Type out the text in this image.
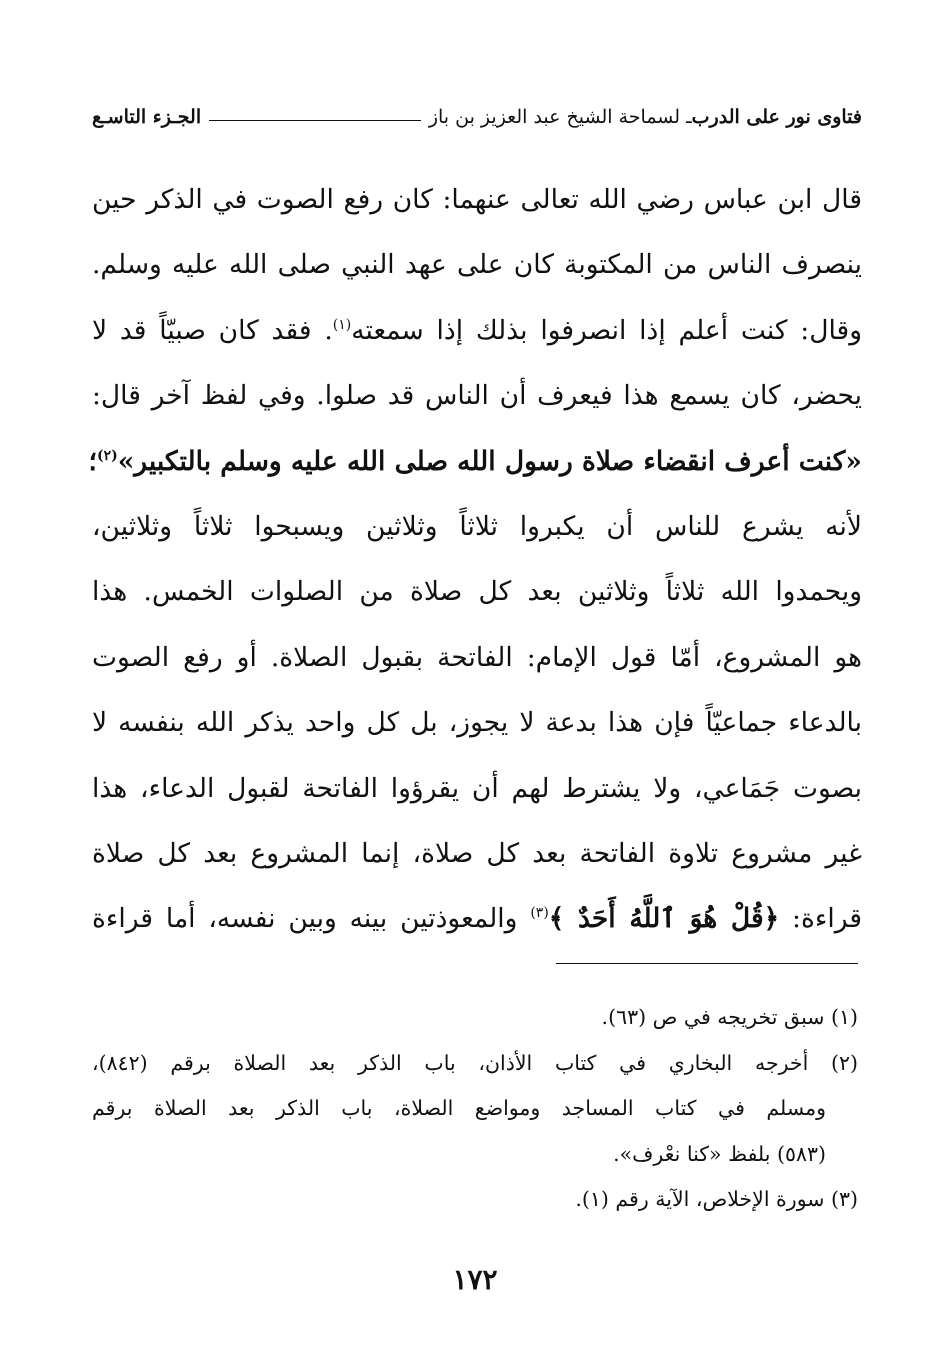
فتاوى نور على الدرب
ـ لسماحة الشيخ عبد العزيز بن باز
الجـزء التاسـع
قال ابن عباس رضي الله تعالى عنهما: كان رفع الصوت في الذكر حين
ينصرف الناس من المكتوبة كان على عهد النبي صلى الله عليه وسلم.
وقال: كنت أعلم إذا انصرفوا بذلك إذا سمعته$^{(١)}$. فقد كان صبيّاً قد لا
يحضر، كان يسمع هذا فيعرف أن الناس قد صلوا. وفي لفظ آخر قال:
«كنت أعرف انقضاء صلاة رسول الله صلى الله عليه وسلم بالتكبير»$^{(٢)}$؛
لأنه يشرع للناس أن يكبروا ثلاثاً وثلاثين ويسبحوا ثلاثاً وثلاثين،
ويحمدوا الله ثلاثاً وثلاثين بعد كل صلاة من الصلوات الخمس. هذا
هو المشروع، أمّا قول الإمام: الفاتحة بقبول الصلاة. أو رفع الصوت
بالدعاء جماعيّاً فإن هذا بدعة لا يجوز، بل كل واحد يذكر الله بنفسه لا
بصوت جَمَاعي، ولا يشترط لهم أن يقرؤوا الفاتحة لقبول الدعاء، هذا
غير مشروع تلاوة الفاتحة بعد كل صلاة، إنما المشروع بعد كل صلاة
قراءة: ﴿قُلْ هُوَ ٱللَّهُ أَحَدٌ ﴾$^{(٣)}$ والمعوذتين بينه وبين نفسه، أما قراءة
(١) سبق تخريجه في ص (٦٣).
(٢) أخرجه البخاري في كتاب الأذان، باب الذكر بعد الصلاة برقم (٨٤٢)،
ومسلم في كتاب المساجد ومواضع الصلاة، باب الذكر بعد الصلاة برقم
(٥٨٣) بلفظ «كنا نعْرف».
(٣) سورة الإخلاص، الآية رقم (١).
١٧٢
